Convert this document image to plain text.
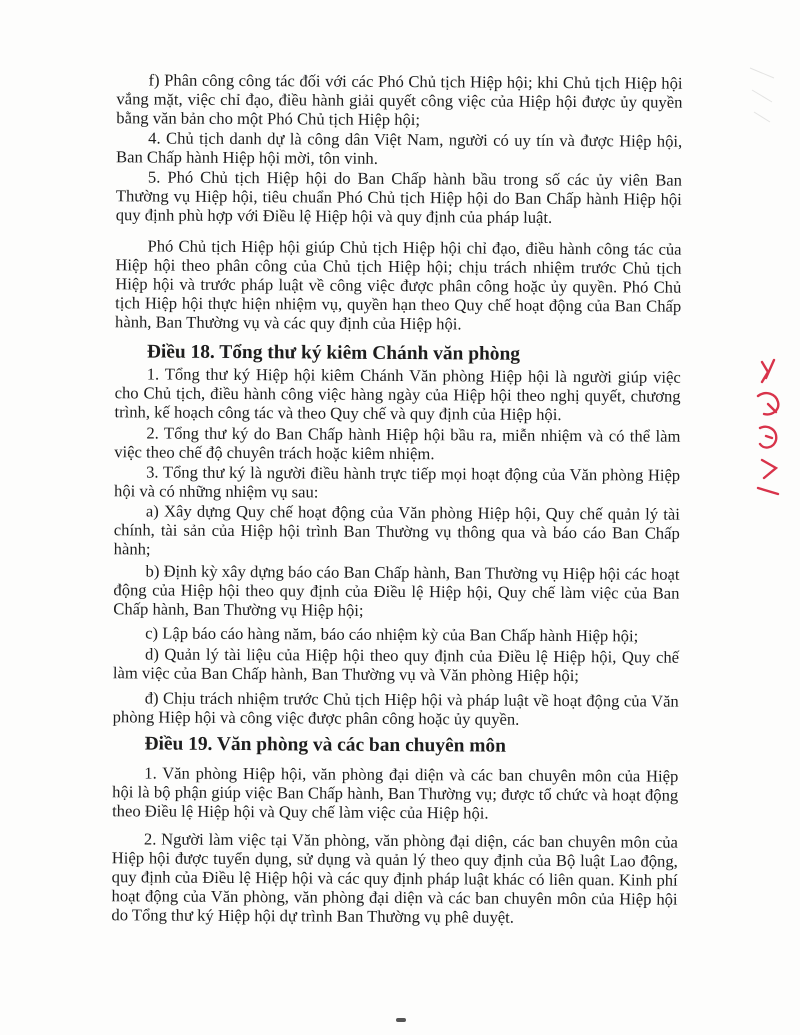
f) Phân công công tác đối với các Phó Chủ tịch Hiệp hội; khi Chủ tịch Hiệp hội vắng mặt, việc chỉ đạo, điều hành giải quyết công việc của Hiệp hội được ủy quyền bằng văn bản cho một Phó Chủ tịch Hiệp hội;

4. Chủ tịch danh dự là công dân Việt Nam, người có uy tín và được Hiệp hội, Ban Chấp hành Hiệp hội mời, tôn vinh.

5. Phó Chủ tịch Hiệp hội do Ban Chấp hành bầu trong số các ủy viên Ban Thường vụ Hiệp hội, tiêu chuẩn Phó Chủ tịch Hiệp hội do Ban Chấp hành Hiệp hội quy định phù hợp với Điều lệ Hiệp hội và quy định của pháp luật.

Phó Chủ tịch Hiệp hội giúp Chủ tịch Hiệp hội chỉ đạo, điều hành công tác của Hiệp hội theo phân công của Chủ tịch Hiệp hội; chịu trách nhiệm trước Chủ tịch Hiệp hội và trước pháp luật về công việc được phân công hoặc ủy quyền. Phó Chủ tịch Hiệp hội thực hiện nhiệm vụ, quyền hạn theo Quy chế hoạt động của Ban Chấp hành, Ban Thường vụ và các quy định của Hiệp hội.

Điều 18. Tổng thư ký kiêm Chánh văn phòng

1. Tổng thư ký Hiệp hội kiêm Chánh Văn phòng Hiệp hội là người giúp việc cho Chủ tịch, điều hành công việc hàng ngày của Hiệp hội theo nghị quyết, chương trình, kế hoạch công tác và theo Quy chế và quy định của Hiệp hội.

2. Tổng thư ký do Ban Chấp hành Hiệp hội bầu ra, miễn nhiệm và có thể làm việc theo chế độ chuyên trách hoặc kiêm nhiệm.

3. Tổng thư ký là người điều hành trực tiếp mọi hoạt động của Văn phòng Hiệp hội và có những nhiệm vụ sau:

a) Xây dựng Quy chế hoạt động của Văn phòng Hiệp hội, Quy chế quản lý tài chính, tài sản của Hiệp hội trình Ban Thường vụ thông qua và báo cáo Ban Chấp hành;

b) Định kỳ xây dựng báo cáo Ban Chấp hành, Ban Thường vụ Hiệp hội các hoạt động của Hiệp hội theo quy định của Điều lệ Hiệp hội, Quy chế làm việc của Ban Chấp hành, Ban Thường vụ Hiệp hội;

c) Lập báo cáo hàng năm, báo cáo nhiệm kỳ của Ban Chấp hành Hiệp hội;

d) Quản lý tài liệu của Hiệp hội theo quy định của Điều lệ Hiệp hội, Quy chế làm việc của Ban Chấp hành, Ban Thường vụ và Văn phòng Hiệp hội;

đ) Chịu trách nhiệm trước Chủ tịch Hiệp hội và pháp luật về hoạt động của Văn phòng Hiệp hội và công việc được phân công hoặc ủy quyền.

Điều 19. Văn phòng và các ban chuyên môn

1. Văn phòng Hiệp hội, văn phòng đại diện và các ban chuyên môn của Hiệp hội là bộ phận giúp việc Ban Chấp hành, Ban Thường vụ; được tổ chức và hoạt động theo Điều lệ Hiệp hội và Quy chế làm việc của Hiệp hội.

2. Người làm việc tại Văn phòng, văn phòng đại diện, các ban chuyên môn của Hiệp hội được tuyển dụng, sử dụng và quản lý theo quy định của Bộ luật Lao động, quy định của Điều lệ Hiệp hội và các quy định pháp luật khác có liên quan. Kinh phí hoạt động của Văn phòng, văn phòng đại diện và các ban chuyên môn của Hiệp hội do Tổng thư ký Hiệp hội dự trình Ban Thường vụ phê duyệt.
